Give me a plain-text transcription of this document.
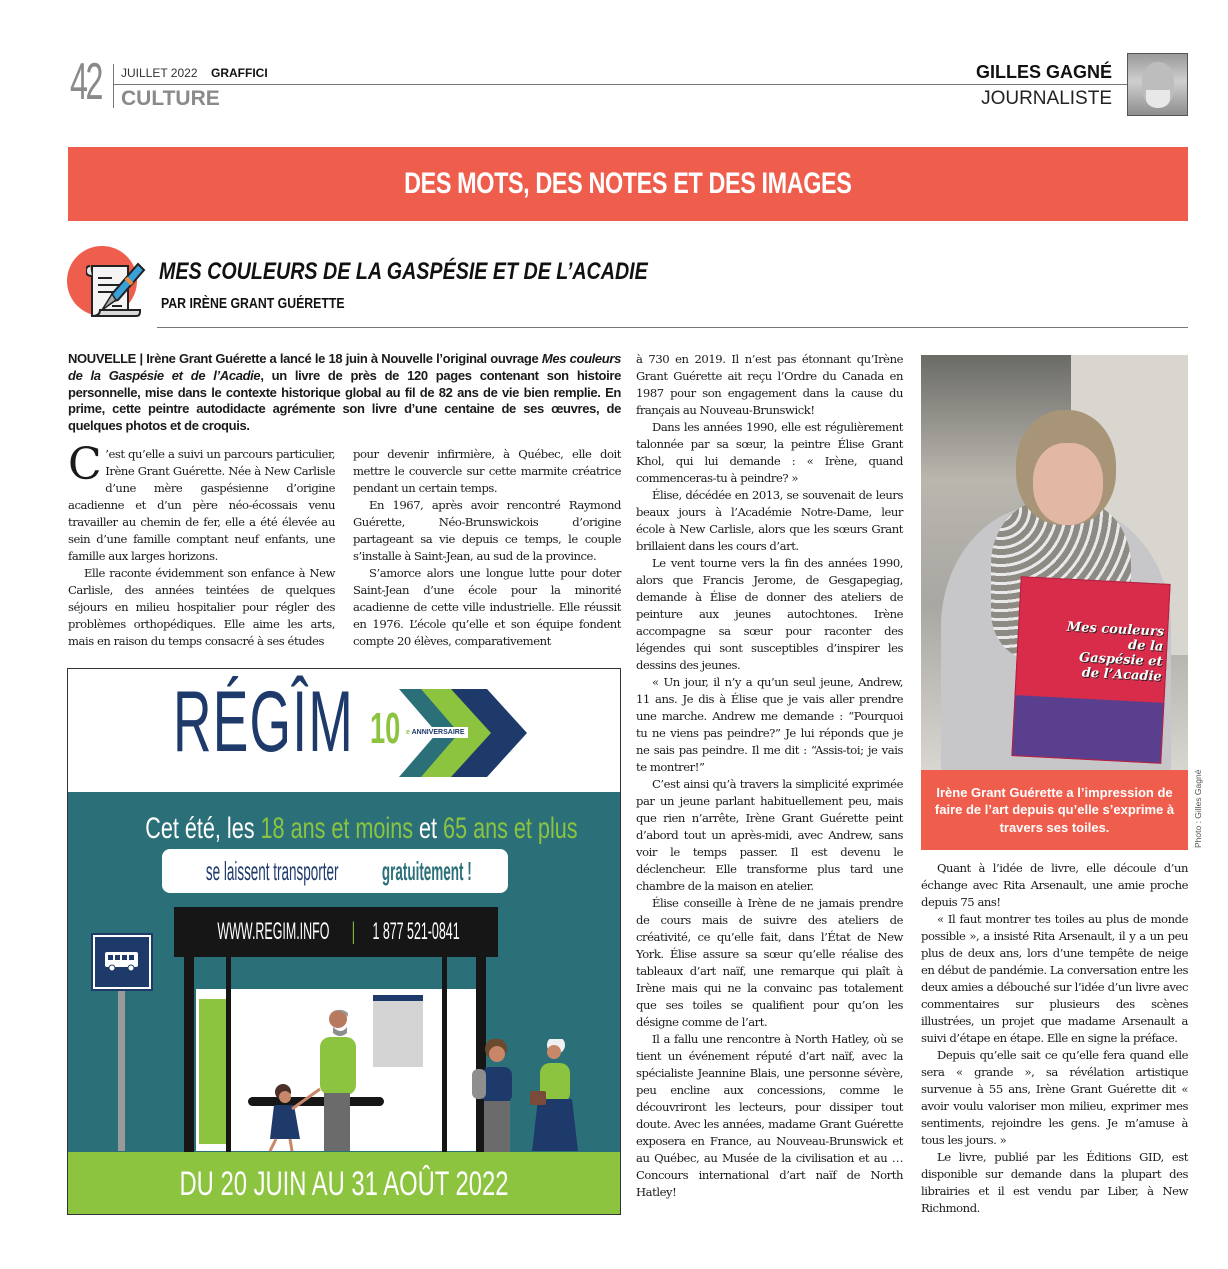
42 JUILLET 2022 GRAFFICI
CULTURE
GILLES GAGNÉ
JOURNALISTE
DES MOTS, DES NOTES ET DES IMAGES
MES COULEURS DE LA GASPÉSIE ET DE L’ACADIE
PAR IRÈNE GRANT GUÉRETTE
NOUVELLE | Irène Grant Guérette a lancé le 18 juin à Nouvelle l’original ouvrage Mes couleurs de la Gaspésie et de l’Acadie, un livre de près de 120 pages contenant son histoire personnelle, mise dans le contexte historique global au fil de 82 ans de vie bien remplie. En prime, cette peintre autodidacte agrémente son livre d’une centaine de ses œuvres, de quelques photos et de croquis.

C ’est qu’elle a suivi un parcours particulier, Irène Grant Guérette. Née à New Carlisle d’une mère gaspésienne d’origine acadienne et d’un père néo-écossais venu travailler au chemin de fer, elle a été élevée au sein d’une famille comptant neuf enfants, une famille aux larges horizons.

Elle raconte évidemment son enfance à New Carlisle, des années teintées de quelques séjours en milieu hospitalier pour régler des problèmes orthopédiques. Elle aime les arts, mais en raison du temps consacré à ses études

pour devenir infirmière, à Québec, elle doit mettre le couvercle sur cette marmite créatrice pendant un certain temps.

En 1967, après avoir rencontré Raymond Guérette, Néo-Brunswickois d’origine partageant sa vie depuis ce temps, le couple s’installe à Saint-Jean, au sud de la province.

S’amorce alors une longue lutte pour doter Saint-Jean d’une école pour la minorité acadienne de cette ville industrielle. Elle réussit en 1976. L’école qu’elle et son équipe fondent compte 20 élèves, comparativement

à 730 en 2019. Il n’est pas étonnant qu’Irène Grant Guérette ait reçu l’Ordre du Canada en 1987 pour son engagement dans la cause du français au Nouveau-Brunswick!

Dans les années 1990, elle est régulièrement talonnée par sa sœur, la peintre Élise Grant Khol, qui lui demande : « Irène, quand commenceras-tu à peindre? »

Élise, décédée en 2013, se souvenait de leurs beaux jours à l’Académie Notre-Dame, leur école à New Carlisle, alors que les sœurs Grant brillaient dans les cours d’art.

Le vent tourne vers la fin des années 1990, alors que Francis Jerome, de Gesgapegiag, demande à Élise de donner des ateliers de peinture aux jeunes autochtones. Irène accompagne sa sœur pour raconter des légendes qui sont susceptibles d’inspirer les dessins des jeunes.

« Un jour, il n’y a qu’un seul jeune, Andrew, 11 ans. Je dis à Élise que je vais aller prendre une marche. Andrew me demande : “Pourquoi tu ne viens pas peindre?” Je lui réponds que je ne sais pas peindre. Il me dit : “Assis-toi; je vais te montrer!”

C’est ainsi qu’à travers la simplicité exprimée par un jeune parlant habituellement peu, mais que rien n’arrête, Irène Grant Guérette peint d’abord tout un après-midi, avec Andrew, sans voir le temps passer. Il est devenu le déclencheur. Elle transforme plus tard une chambre de la maison en atelier.

Élise conseille à Irène de ne jamais prendre de cours mais de suivre des ateliers de créativité, ce qu’elle fait, dans l’État de New York. Élise assure sa sœur qu’elle réalise des tableaux d’art naïf, une remarque qui plaît à Irène mais qui ne la convainc pas totalement que ses toiles se qualifient pour qu’on les désigne comme de l’art.

Il a fallu une rencontre à North Hatley, où se tient un événement réputé d’art naïf, avec la spécialiste Jeannine Blais, une personne sévère, peu encline aux concessions, comme le découvriront les lecteurs, pour dissiper tout doute. Avec les années, madame Grant Guérette exposera en France, au Nouveau-Brunswick et au Québec, au Musée de la civilisation et au … Concours international d’art naïf de North Hatley!

Mes couleurs de la Gaspésie et de l’Acadie
Irène Grant Guérette a l’impression de faire de l’art depuis qu’elle s’exprime à travers ses toiles.	Photo : Gilles Gagné

Quant à l’idée de livre, elle découle d’un échange avec Rita Arsenault, une amie proche depuis 75 ans!

« Il faut montrer tes toiles au plus de monde possible », a insisté Rita Arsenault, il y a un peu plus de deux ans, lors d’une tempête de neige en début de pandémie. La conversation entre les deux amies a débouché sur l’idée d’un livre avec commentaires sur plusieurs des scènes illustrées, un projet que madame Arsenault a suivi d’étape en étape. Elle en signe la préface.

Depuis qu’elle sait ce qu’elle fera quand elle sera « grande », sa révélation artistique survenue à 55 ans, Irène Grant Guérette dit « avoir voulu valoriser mon milieu, exprimer mes sentiments, rejoindre les gens. Je m’amuse à tous les jours. »

Le livre, publié par les Éditions GID, est disponible sur demande dans la plupart des librairies et il est vendu par Liber, à New Richmond.

RÉGÎM 10 e ANNIVERSAIRE
Cet été, les 18 ans et moins et 65 ans et plus
se laissent transportergratuitement !
WWW.REGIM.INFO|1 877 521-0841
DU 20 JUIN AU 31 AOÛT 2022
